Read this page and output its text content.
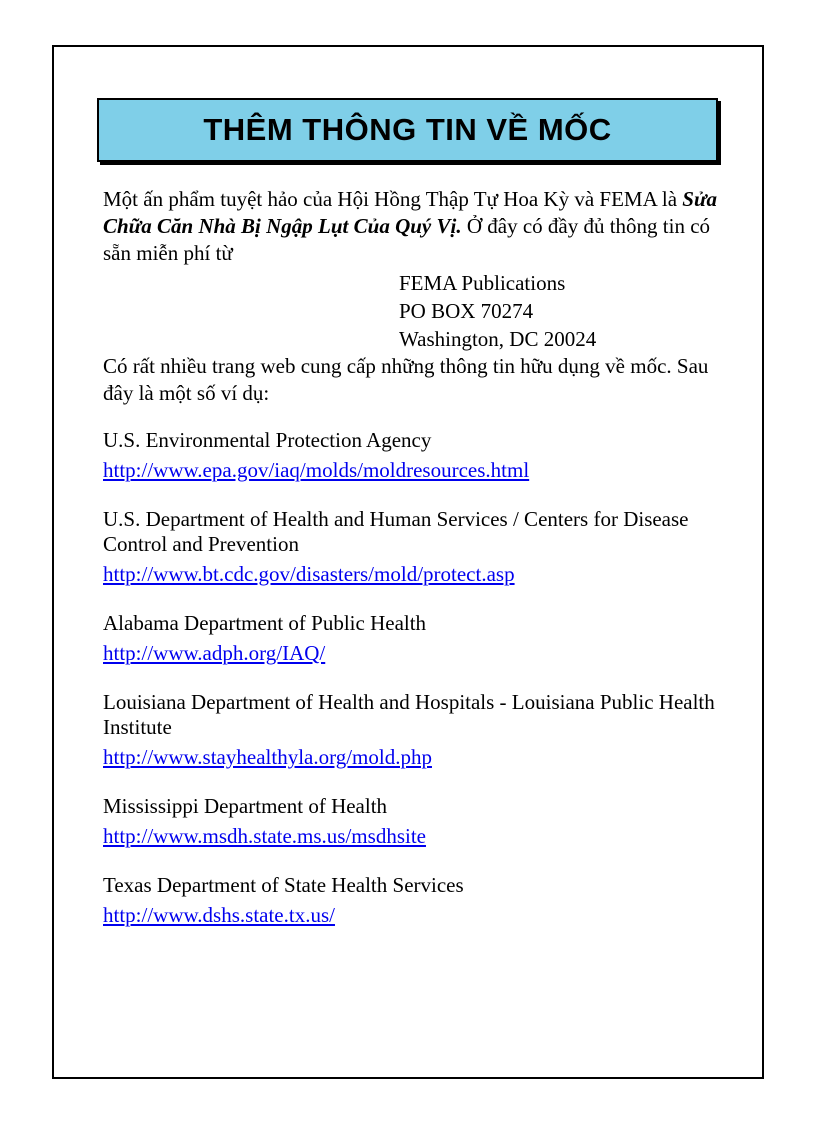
THÊM THÔNG TIN VỀ MỐC

Một ấn phẩm tuyệt hảo của Hội Hồng Thập Tự Hoa Kỳ và FEMA là Sửa Chữa Căn Nhà Bị Ngập Lụt Của Quý Vị. Ở đây có đầy đủ thông tin có sẵn miễn phí từ

FEMA Publications
PO BOX 70274
Washington, DC 20024

Có rất nhiều trang web cung cấp những thông tin hữu dụng về mốc. Sau đây là một số ví dụ:

U.S. Environmental Protection Agency
http://www.epa.gov/iaq/molds/moldresources.html
U.S. Department of Health and Human Services / Centers for Disease Control and Prevention
http://www.bt.cdc.gov/disasters/mold/protect.asp
Alabama Department of Public Health
http://www.adph.org/IAQ/
Louisiana Department of Health and Hospitals - Louisiana Public Health Institute
http://www.stayhealthyla.org/mold.php
Mississippi Department of Health
http://www.msdh.state.ms.us/msdhsite
Texas Department of State Health Services
http://www.dshs.state.tx.us/
